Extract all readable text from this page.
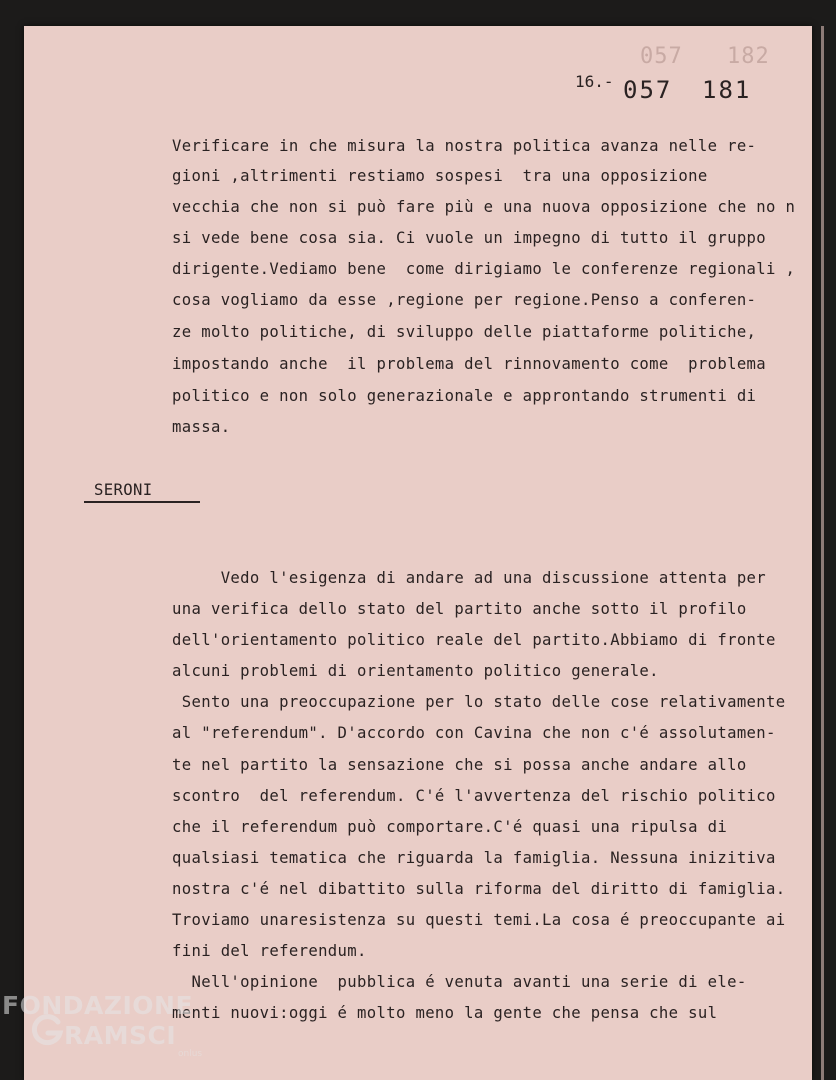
057 182
16.- 057 181
Verificare in che misura la nostra politica avanza nelle re-
gioni ,altrimenti restiamo sospesi  tra una opposizione
vecchia che non si può fare più e una nuova opposizione che no n
si vede bene cosa sia. Ci vuole un impegno di tutto il gruppo
dirigente.Vediamo bene  come dirigiamo le conferenze regionali ,
cosa vogliamo da esse ,regione per regione.Penso a conferen-
ze molto politiche, di sviluppo delle piattaforme politiche,
impostando anche  il problema del rinnovamento come  problema
politico e non solo generazionale e approntando strumenti di
massa.
SERONI
Vedo l'esigenza di andare ad una discussione attenta per
una verifica dello stato del partito anche sotto il profilo
dell'orientamento politico reale del partito.Abbiamo di fronte
alcuni problemi di orientamento politico generale.
Sento una preoccupazione per lo stato delle cose relativamente
al "referendum". D'accordo con Cavina che non c'é assolutamen-
te nel partito la sensazione che si possa anche andare allo
scontro  del referendum. C'é l'avvertenza del rischio politico
che il referendum può comportare.C'é quasi una ripulsa di
qualsiasi tematica che riguarda la famiglia. Nessuna inizitiva
nostra c'é nel dibattito sulla riforma del diritto di famiglia.
Troviamo unaresistenza su questi temi.La cosa é preoccupante ai
fini del referendum.
Nell'opinione  pubblica é venuta avanti una serie di ele-
menti nuovi:oggi é molto meno la gente che pensa che sul
FONDAZIONE
RAMSCI
onlus
